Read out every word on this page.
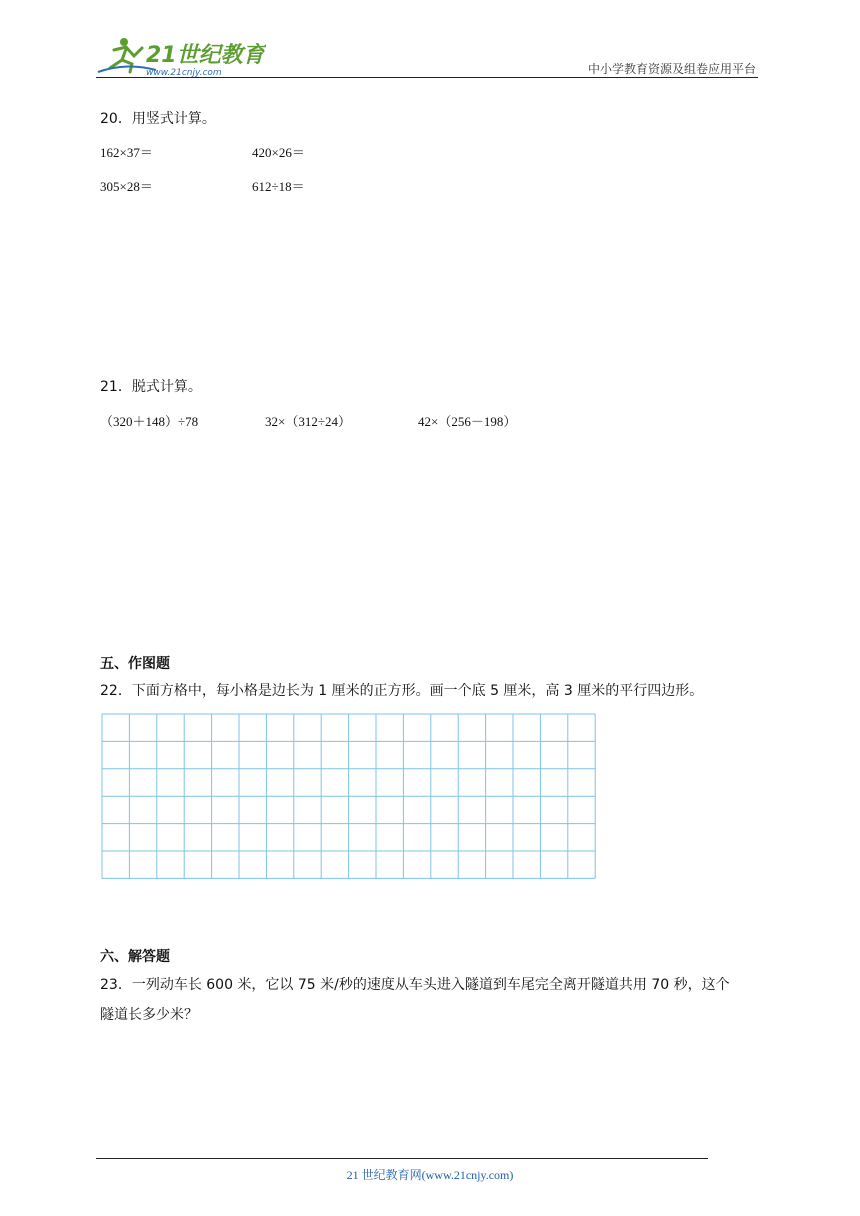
21世纪教育
www.21cnjy.com	中小学教育资源及组卷应用平台
20．用竖式计算。
162×37＝	420×26＝
305×28＝	612÷18＝
21．脱式计算。
（320＋148）÷78	32×（312÷24）	42×（256－198）
五、作图题
22．下面方格中，每小格是边长为 1 厘米的正方形。画一个底 5 厘米，高 3 厘米的平行四边形。
六、解答题
23．一列动车长 600 米，它以 75 米/秒的速度从车头进入隧道到车尾完全离开隧道共用 70 秒，这个
隧道长多少米？
21 世纪教育网(www.21cnjy.com)
